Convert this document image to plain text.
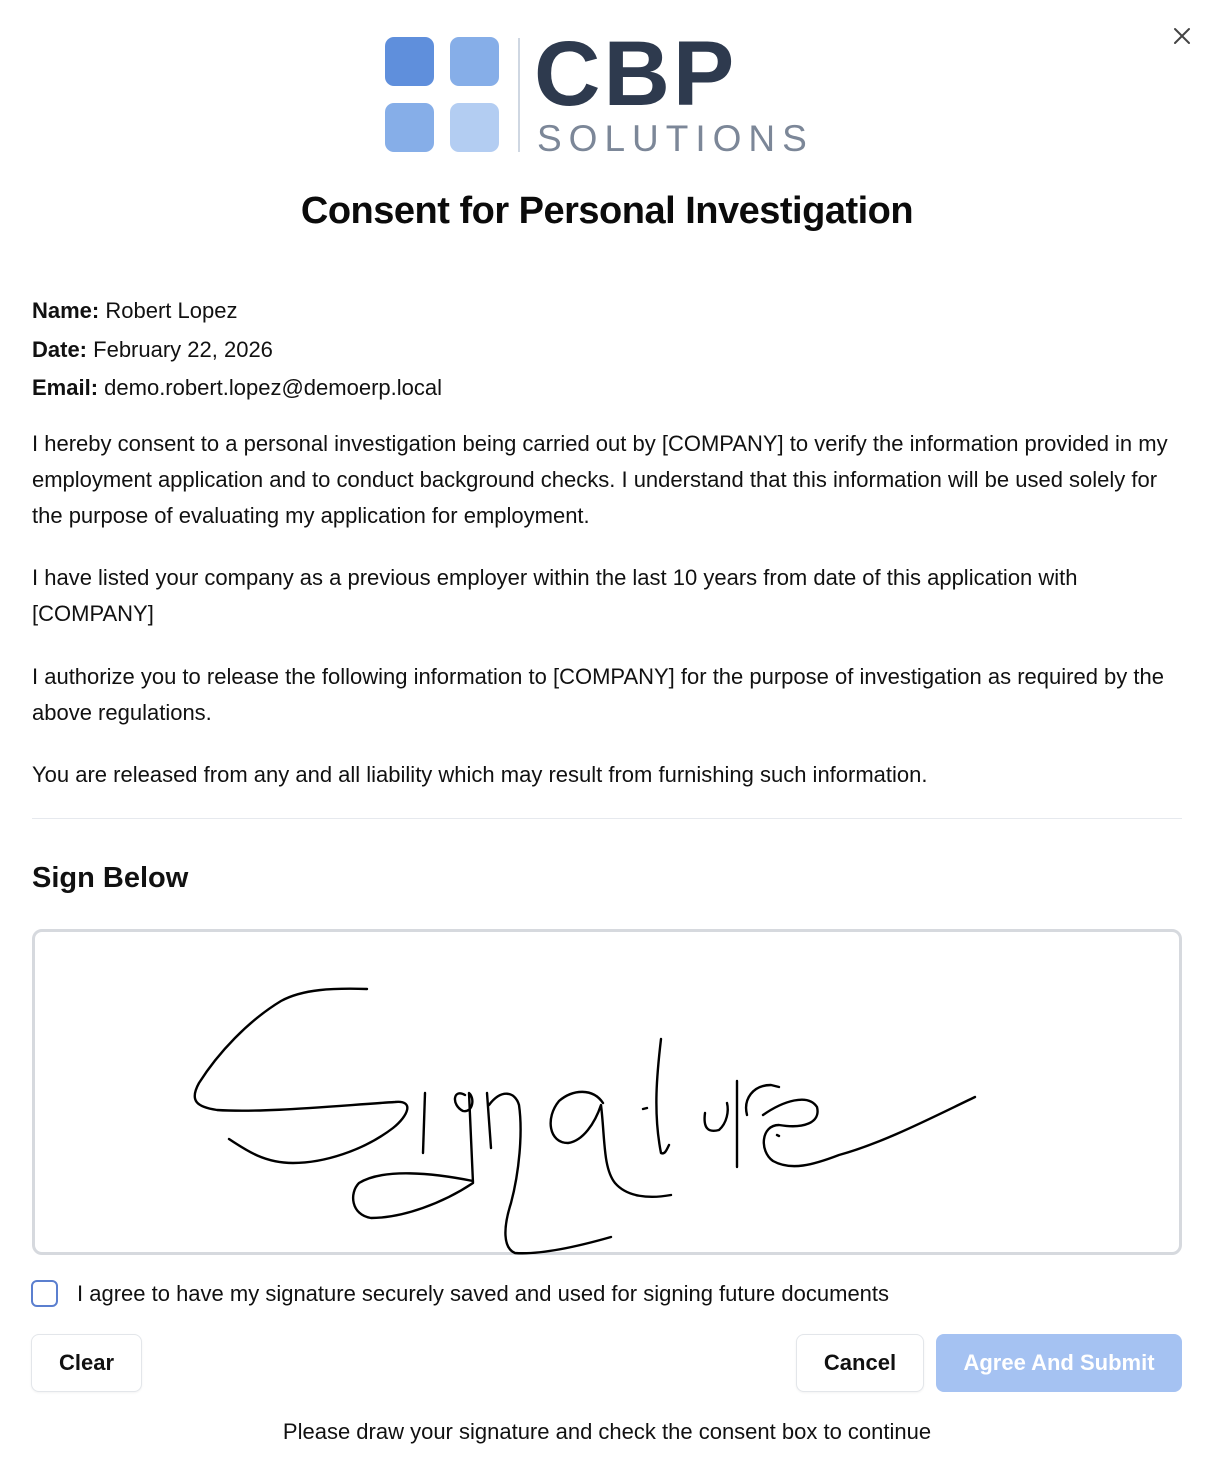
CBP
SOLUTIONS
Consent for Personal Investigation
Name: Robert Lopez
Date: February 22, 2026
Email: demo.robert.lopez@demoerp.local

I hereby consent to a personal investigation being carried out by [COMPANY] to verify the information provided in my employment application and to conduct background checks. I understand that this information will be used solely for the purpose of evaluating my application for employment.

I have listed your company as a previous employer within the last 10 years from date of this application with [COMPANY]

I authorize you to release the following information to [COMPANY] for the purpose of investigation as required by the above regulations.

You are released from any and all liability which may result from furnishing such information.

Sign Below
I agree to have my signature securely saved and used for signing future documents
Clear	Cancel	Agree And Submit

Please draw your signature and check the consent box to continue
